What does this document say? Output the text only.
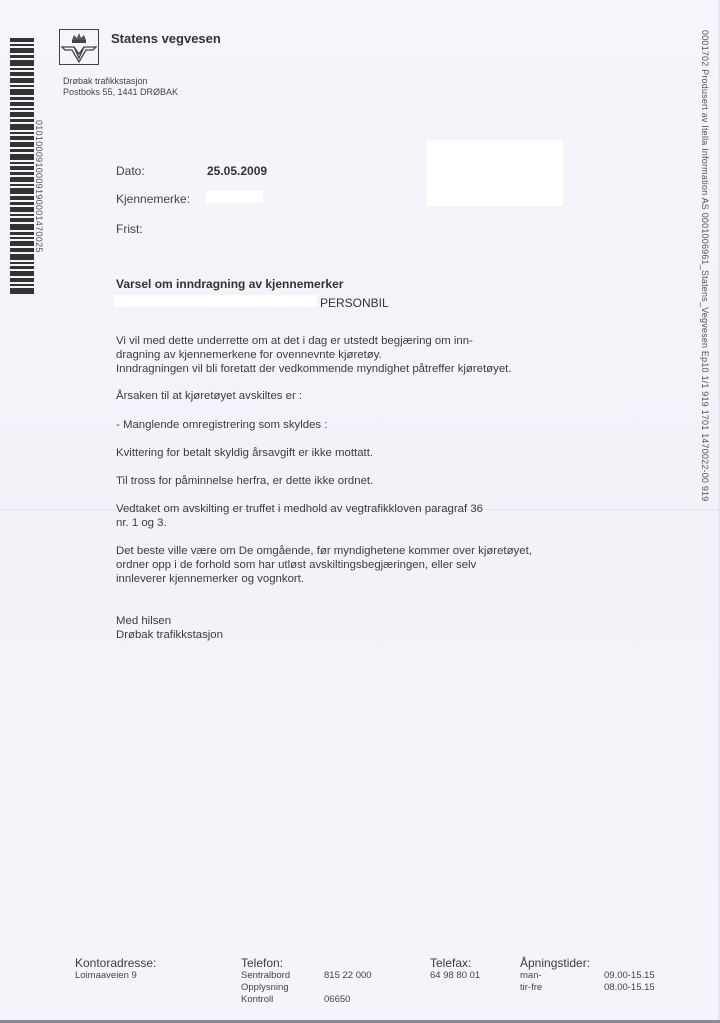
0101000910009190001470025	0001702 Produsert av Itella Information AS 0001006961_Statens_Vegvesen Ep10 1/1 919 1701 1470022-00 919
Statens vegvesen
Drøbak trafikkstasjon
Postboks 55, 1441 DRØBAK
Dato:	25.05.2009
Kjennemerke:
Frist:
Varsel om inndragning av kjennemerker
PERSONBIL
Vi vil med dette underrette om at det i dag er utstedt begjæring om inn-
dragning av kjennemerkene for ovennevnte kjøretøy.
Inndragningen vil bli foretatt der vedkommende myndighet påtreffer kjøretøyet.
Årsaken til at kjøretøyet avskiltes er :
- Manglende omregistrering som skyldes :
Kvittering for betalt skyldig årsavgift er ikke mottatt.
Til tross for påminnelse herfra, er dette ikke ordnet.
Vedtaket om avskilting er truffet i medhold av vegtrafikkloven paragraf 36
nr. 1 og 3.
Det beste ville være om De omgående, før myndighetene kommer over kjøretøyet,
ordner opp i de forhold som har utløst avskiltingsbegjæringen, eller selv
innleverer kjennemerker og vognkort.
Med hilsen
Drøbak trafikkstasjon
Kontoradresse:
Loimaaveien 9
Telefon:
Sentralbord	815 22 000
Opplysning
Kontroll	06650
Telefax:
64 98 80 01
Åpningstider:
man-	09.00-15.15
tir-fre	08.00-15.15
